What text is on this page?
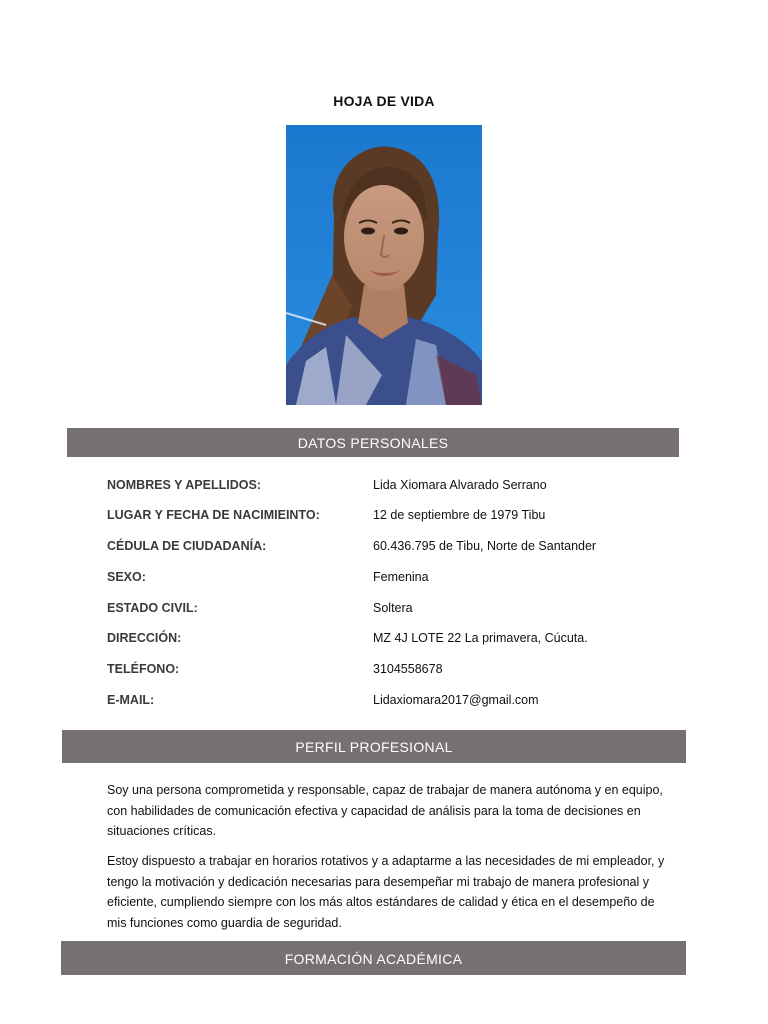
HOJA DE VIDA
DATOS PERSONALES
NOMBRES Y APELLIDOS:	Lida Xiomara Alvarado Serrano
LUGAR Y FECHA DE NACIMIEINTO:	12 de septiembre de 1979 Tibu
CÉDULA DE CIUDADANÍA:	60.436.795 de Tibu, Norte de Santander
SEXO:	Femenina
ESTADO CIVIL:	Soltera
DIRECCIÓN:	MZ 4J LOTE 22 La primavera, Cúcuta.
TELÉFONO:	3104558678
E-MAIL:	Lidaxiomara2017@gmail.com
PERFIL PROFESIONAL

Soy una persona comprometida y responsable, capaz de trabajar de manera autónoma y en equipo, con habilidades de comunicación efectiva y capacidad de análisis para la toma de decisiones en situaciones críticas.

Estoy dispuesto a trabajar en horarios rotativos y a adaptarme a las necesidades de mi empleador, y tengo la motivación y dedicación necesarias para desempeñar mi trabajo de manera profesional y eficiente, cumpliendo siempre con los más altos estándares de calidad y ética en el desempeño de mis funciones como guardia de seguridad.

FORMACIÓN ACADÉMICA
